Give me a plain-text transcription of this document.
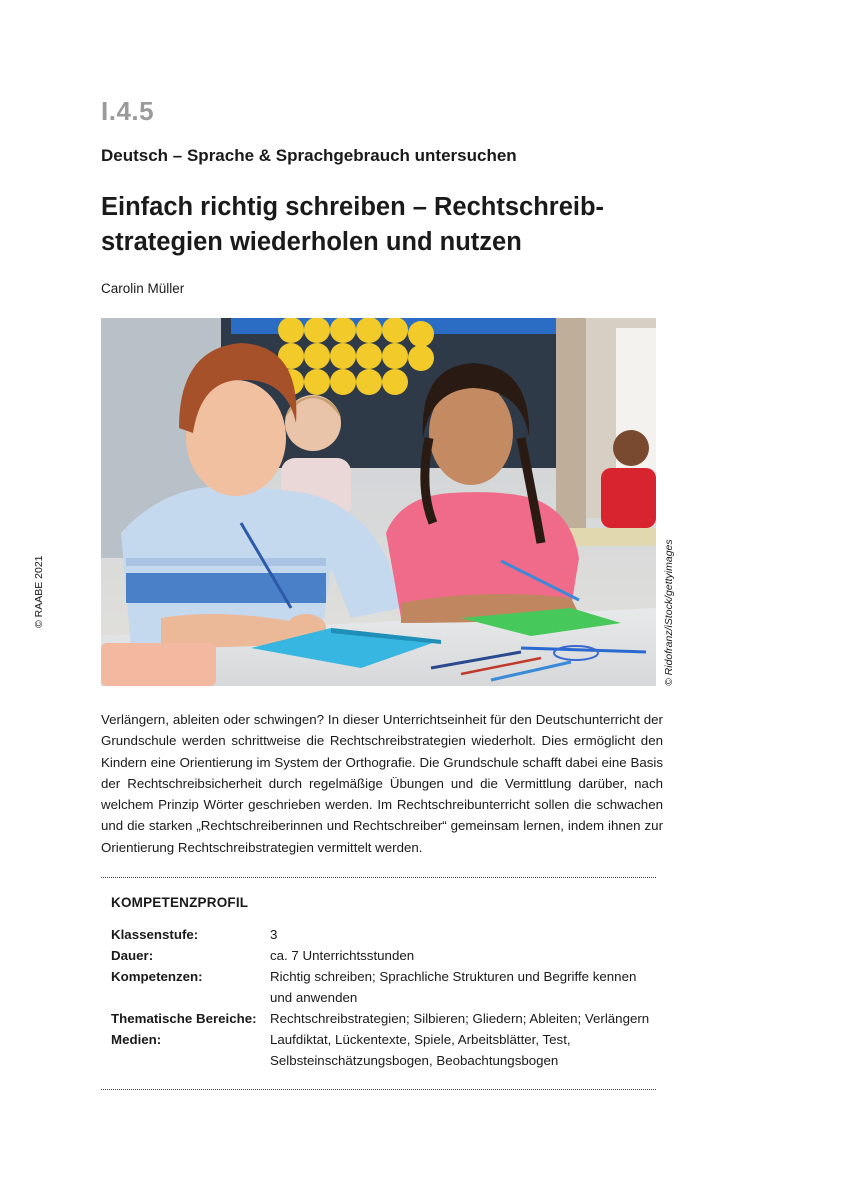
I.4.5
Deutsch – Sprache & Sprachgebrauch untersuchen
Einfach richtig schreiben – Rechtschreib-
strategien wiederholen und nutzen
Carolin Müller
© RAABE 2021	© Ridofranz/iStock/gettyimages

Verlängern, ableiten oder schwingen? In dieser Unterrichtseinheit für den Deutschunterricht der Grundschule werden schrittweise die Rechtschreibstrategien wiederholt. Dies ermöglicht den Kindern eine Orientierung im System der Orthografie. Die Grundschule schafft dabei eine Basis der Rechtschreibsicherheit durch regelmäßige Übungen und die Vermittlung darüber, nach welchem Prinzip Wörter geschrieben werden. Im Rechtschreibunterricht sollen die schwachen und die starken „Rechtschreiberinnen und Rechtschreiber“ gemeinsam lernen, indem ihnen zur Orientierung Rechtschreibstrategien vermittelt werden.

KOMPETENZPROFIL
Klassenstufe:	3
Dauer:	ca. 7 Unterrichtsstunden
Kompetenzen:	Richtig schreiben; Sprachliche Strukturen und Begriffe kennen und anwenden
Thematische Bereiche:	Rechtschreibstrategien; Silbieren; Gliedern; Ableiten; Verlängern
Medien:	Laufdiktat, Lückentexte, Spiele, Arbeitsblätter, Test, Selbsteinschätzungsbogen, Beobachtungsbogen
